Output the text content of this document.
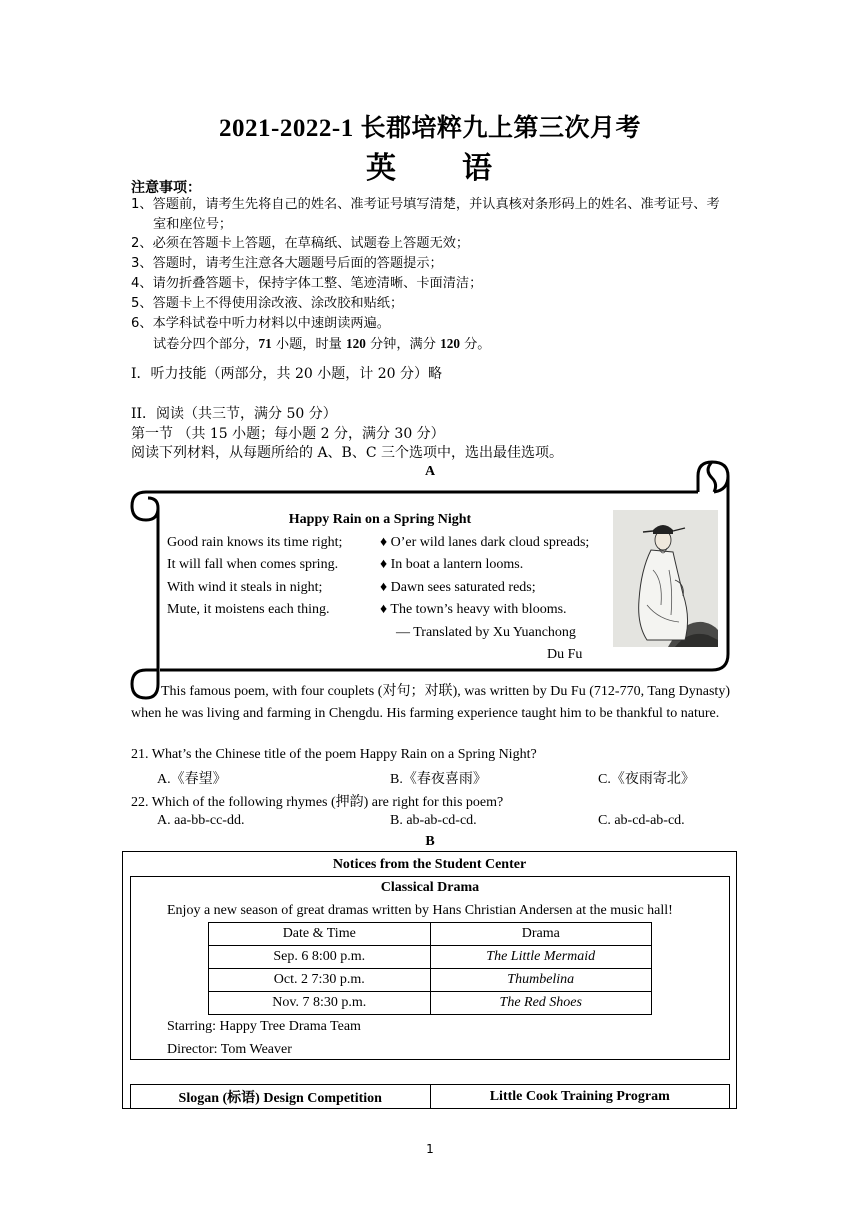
2021-2022-1 长郡培粹九上第三次月考
英　　语
注意事项：
1、答题前，请考生先将自己的姓名、准考证号填写清楚，并认真核对条形码上的姓名、准考证号、考室和座位号；
2、必须在答题卡上答题，在草稿纸、试题卷上答题无效；
3、答题时，请考生注意各大题题号后面的答题提示；
4、请勿折叠答题卡，保持字体工整、笔迹清晰、卡面清洁；
5、答题卡上不得使用涂改液、涂改胶和贴纸；
6、本学科试卷中听力材料以中速朗读两遍。
试卷分四个部分，71 小题，时量 120 分钟，满分 120 分。
I．听力技能（两部分，共 20 小题，计 20 分）略
II．阅读（共三节，满分 50 分）
第一节 （共 15 小题；每小题 2 分，满分 30 分）
阅读下列材料，从每题所给的 A、B、C 三个选项中，选出最佳选项。
A
Happy Rain on a Spring Night
Good rain knows its time right;
It will fall when comes spring.
With wind it steals in night;
Mute, it moistens each thing.
♦ O’er wild lanes dark cloud spreads;
♦ In boat a lantern looms.
♦ Dawn sees saturated reds;
♦ The town’s heavy with blooms.
— Translated by Xu Yuanchong
Du Fu
This famous poem, with four couplets (对句；对联), was written by Du Fu (712-770, Tang Dynasty) when he was living and farming in Chengdu. His farming experience taught him to be thankful to nature.
21. What’s the Chinese title of the poem Happy Rain on a Spring Night?
A.《春望》	B.《春夜喜雨》	C.《夜雨寄北》
22. Which of the following rhymes (押韵) are right for this poem?
A. aa-bb-cc-dd.	B. ab-ab-cd-cd.	C. ab-cd-ab-cd.
B
Notices from the Student Center
Classical Drama
Enjoy a new season of great dramas written by Hans Christian Andersen at the music hall!
Date & Time	Drama
Sep. 6 8:00 p.m.	The Little Mermaid
Oct. 2 7:30 p.m.	Thumbelina
Nov. 7 8:30 p.m.	The Red Shoes
Starring: Happy Tree Drama Team
Director: Tom Weaver
Slogan (标语) Design Competition	Little Cook Training Program
1
